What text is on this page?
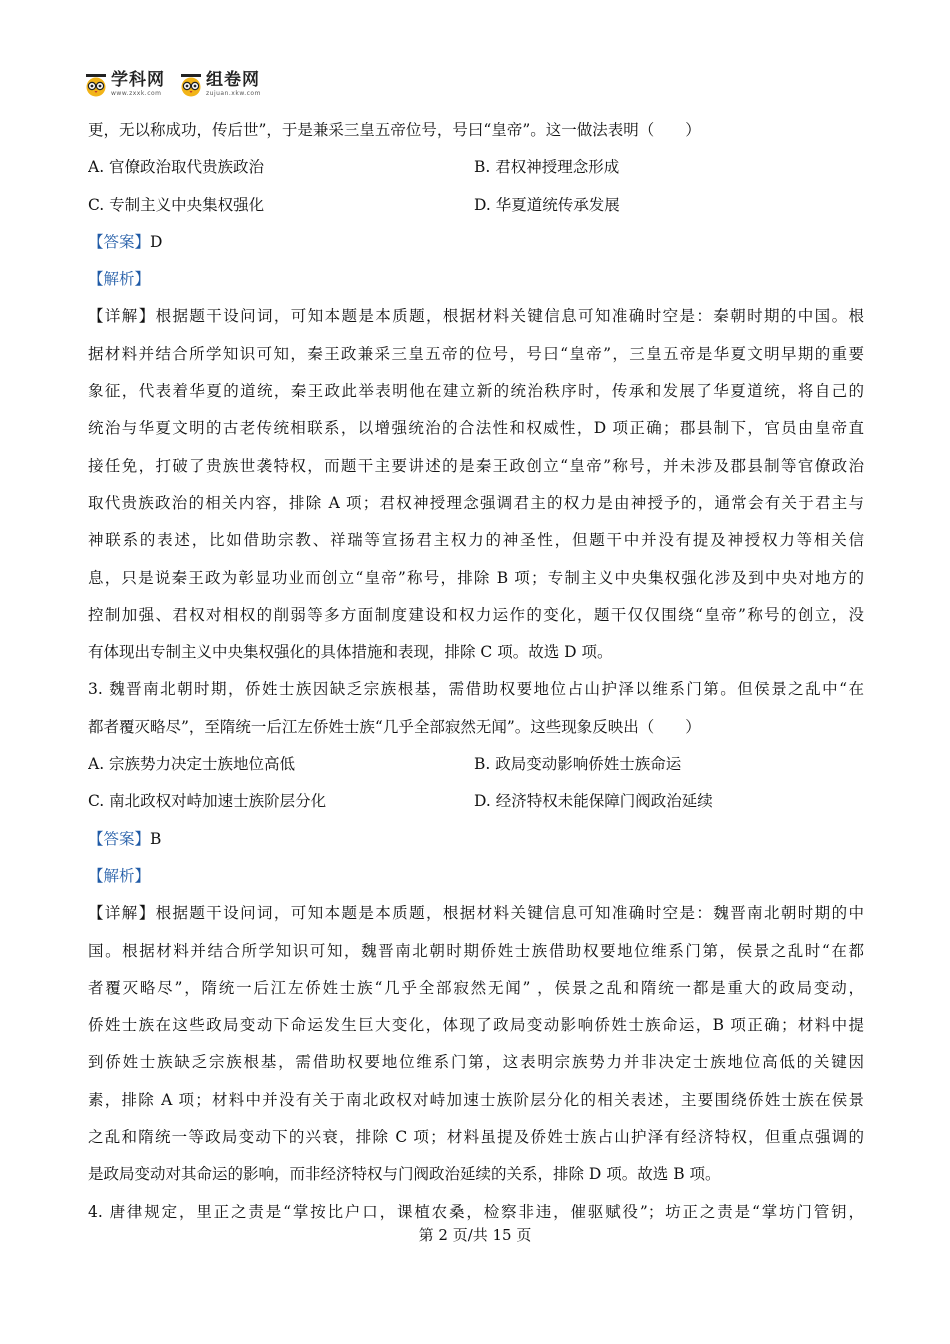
学科网
www.zxxk.com
组卷网
zujuan.xkw.com
更，无以称成功，传后世”，于是兼采三皇五帝位号，号曰“皇帝”。这一做法表明（　　）
A. 官僚政治取代贵族政治	B. 君权神授理念形成
C. 专制主义中央集权强化	D. 华夏道统传承发展
【答案】D
【解析】
【详解】根据题干设问词，可知本题是本质题，根据材料关键信息可知准确时空是：秦朝时期的中国。根
据材料并结合所学知识可知，秦王政兼采三皇五帝的位号，号曰“皇帝”，三皇五帝是华夏文明早期的重要
象征，代表着华夏的道统，秦王政此举表明他在建立新的统治秩序时，传承和发展了华夏道统，将自己的
统治与华夏文明的古老传统相联系，以增强统治的合法性和权威性，D 项正确；郡县制下，官员由皇帝直
接任免，打破了贵族世袭特权，而题干主要讲述的是秦王政创立“皇帝”称号，并未涉及郡县制等官僚政治
取代贵族政治的相关内容，排除 A 项；君权神授理念强调君主的权力是由神授予的，通常会有关于君主与
神联系的表述，比如借助宗教、祥瑞等宣扬君主权力的神圣性，但题干中并没有提及神授权力等相关信
息，只是说秦王政为彰显功业而创立“皇帝”称号，排除 B 项；专制主义中央集权强化涉及到中央对地方的
控制加强、君权对相权的削弱等多方面制度建设和权力运作的变化，题干仅仅围绕“皇帝”称号的创立，没
有体现出专制主义中央集权强化的具体措施和表现，排除 C 项。故选 D 项。
3. 魏晋南北朝时期，侨姓士族因缺乏宗族根基，需借助权要地位占山护泽以维系门第。但侯景之乱中“在
都者覆灭略尽”，至隋统一后江左侨姓士族“几乎全部寂然无闻”。这些现象反映出（　　）
A. 宗族势力决定士族地位高低	B. 政局变动影响侨姓士族命运
C. 南北政权对峙加速士族阶层分化	D. 经济特权未能保障门阀政治延续
【答案】B
【解析】
【详解】根据题干设问词，可知本题是本质题，根据材料关键信息可知准确时空是：魏晋南北朝时期的中
国。根据材料并结合所学知识可知，魏晋南北朝时期侨姓士族借助权要地位维系门第，侯景之乱时“在都
者覆灭略尽”，隋统一后江左侨姓士族“几乎全部寂然无闻” ，侯景之乱和隋统一都是重大的政局变动，
侨姓士族在这些政局变动下命运发生巨大变化，体现了政局变动影响侨姓士族命运，B 项正确；材料中提
到侨姓士族缺乏宗族根基，需借助权要地位维系门第，这表明宗族势力并非决定士族地位高低的关键因
素，排除 A 项；材料中并没有关于南北政权对峙加速士族阶层分化的相关表述，主要围绕侨姓士族在侯景
之乱和隋统一等政局变动下的兴衰，排除 C 项；材料虽提及侨姓士族占山护泽有经济特权，但重点强调的
是政局变动对其命运的影响，而非经济特权与门阀政治延续的关系，排除 D 项。故选 B 项。
4. 唐律规定，里正之责是“掌按比户口，课植农桑，检察非违，催驱赋役”；坊正之责是“掌坊门管钥，
第 2 页/共 15 页
